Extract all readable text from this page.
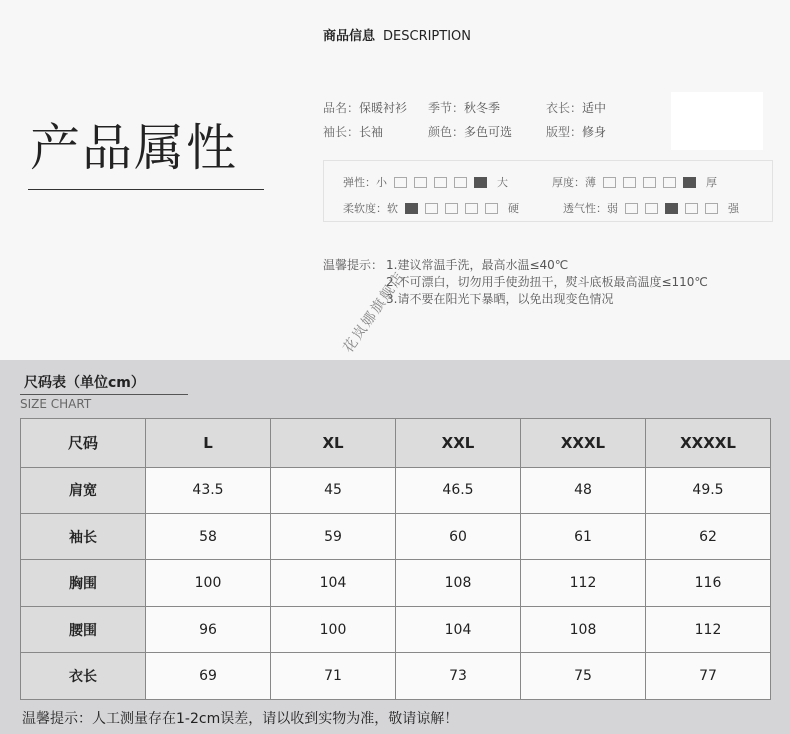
商品信息 DESCRIPTION
产品属性
品名：保暖衬衫 季节：秋冬季	衣长：适中
袖长：长袖	颜色：多色可选	版型：修身
弹性：小	大	厚度：薄	厚
柔软度：软	硬	透气性：弱	强
温馨提示： 1.建议常温手洗，最高水温≤40℃
2.不可漂白，切勿用手使劲扭干，熨斗底板最高温度≤110℃
3.请不要在阳光下暴晒，以免出现变色情况
尺码表（单位cm）
SIZE CHART
尺码	L	XL	XXL	XXXL	XXXXL
肩宽	43.5	45	46.5	48	49.5
袖长	58	59	60	61	62
胸围	100	104	108	112	116
腰围	96	100	104	108	112
衣长	69	71	73	75	77
温馨提示：人工测量存在1-2cm误差，请以收到实物为准，敬请谅解！
花岚娜旗舰店
